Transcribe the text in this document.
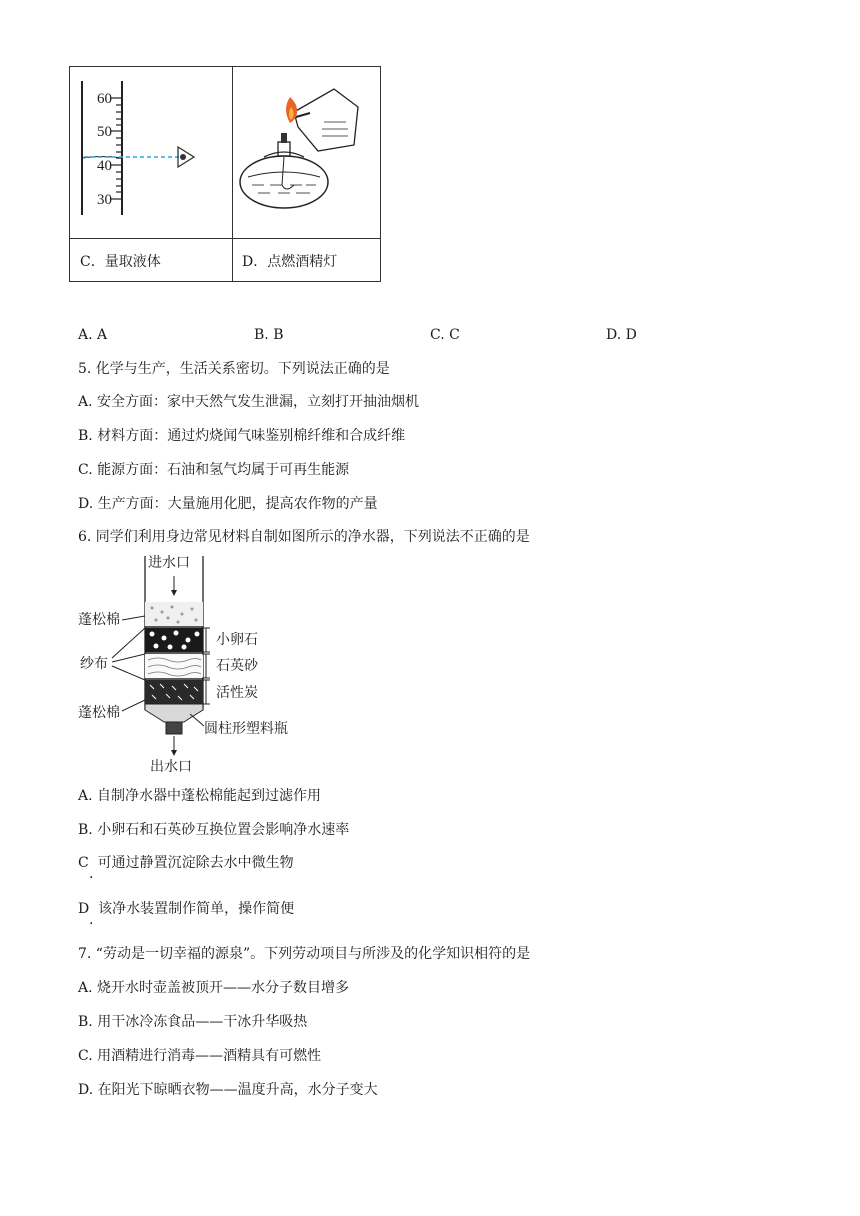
60
50
40
30
C．量取液体	D．点燃酒精灯
A. A	B. B	C. C	D. D
5. 化学与生产，生活关系密切。下列说法正确的是
A. 安全方面：家中天然气发生泄漏，立刻打开抽油烟机
B. 材料方面：通过灼烧闻气味鉴别棉纤维和合成纤维
C. 能源方面：石油和氢气均属于可再生能源
D. 生产方面：大量施用化肥，提高农作物的产量
6. 同学们利用身边常见材料自制如图所示的净水器，下列说法不正确的是
进水口
蓬松棉
纱布
蓬松棉
小卵石
石英砂
活性炭
圆柱形塑料瓶
出水口
A. 自制净水器中蓬松棉能起到过滤作用
B. 小卵石和石英砂互换位置会影响净水速率
C 可通过静置沉淀除去水中微生物
.
D 该净水装置制作简单，操作简便
.
7. “劳动是一切幸福的源泉”。下列劳动项目与所涉及的化学知识相符的是
A. 烧开水时壶盖被顶开——水分子数目增多
B. 用干冰冷冻食品——干冰升华吸热
C. 用酒精进行消毒——酒精具有可燃性
D. 在阳光下晾晒衣物——温度升高，水分子变大
